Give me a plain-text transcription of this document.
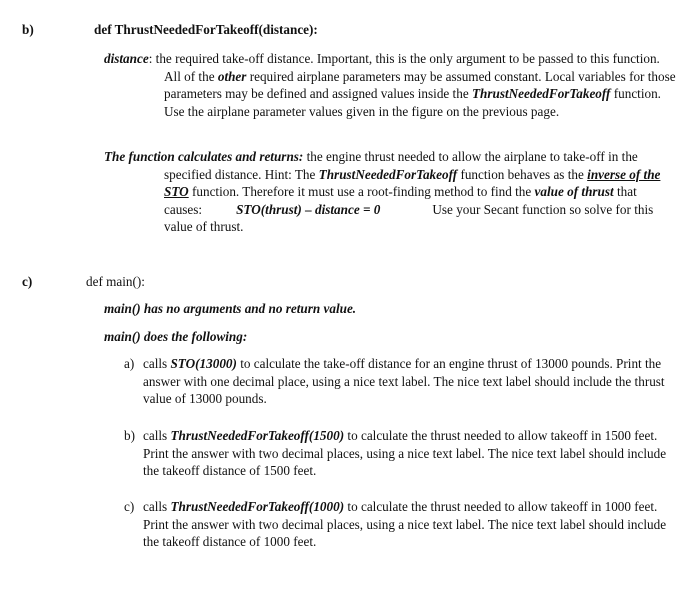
b)	def ThrustNeededForTakeoff(distance):

distance: the required take-off distance. Important, this is the only argument to be passed to this function. All of the other required airplane parameters may be assumed constant. Local variables for those parameters may be defined and assigned values inside the ThrustNeededForTakeoff function. Use the airplane parameter values given in the figure on the previous page.

The function calculates and returns: the engine thrust needed to allow the airplane to take-off in the specified distance. Hint: The ThrustNeededForTakeoff function behaves as the inverse of the STO function. Therefore it must use a root-finding method to find the value of thrust that causes:	STO(thrust) – distance = 0	Use your Secant function so solve for this value of thrust.

c)	def main():
main() has no arguments and no return value.
main() does the following:
a) calls STO(13000) to calculate the take-off distance for an engine thrust of 13000 pounds. Print the answer with one decimal place, using a nice text label. The nice text label should include the thrust value of 13000 pounds.
b) calls ThrustNeededForTakeoff(1500) to calculate the thrust needed to allow takeoff in 1500 feet. Print the answer with two decimal places, using a nice text label. The nice text label should include the takeoff distance of 1500 feet.
c) calls ThrustNeededForTakeoff(1000) to calculate the thrust needed to allow takeoff in 1000 feet. Print the answer with two decimal places, using a nice text label. The nice text label should include the takeoff distance of 1000 feet.
